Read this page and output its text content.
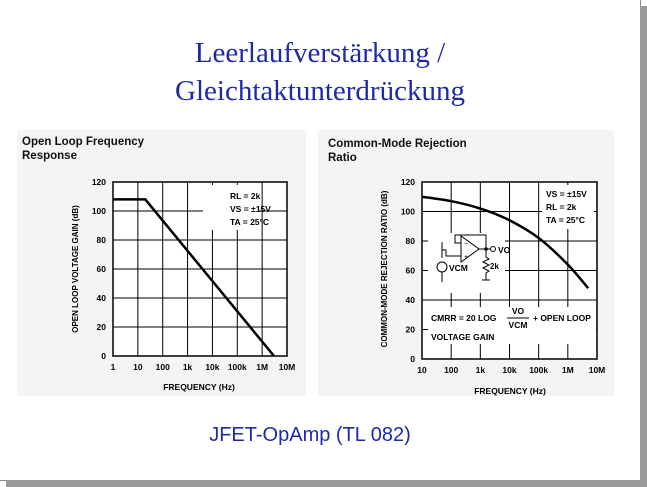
Leerlaufverstärkung /
Gleichtaktunterdrückung
Open Loop Frequency
Response
1 10 100 1k 10k 100k 1M 10M
0
20
40
60
80
100
120
RL = 2k
VS = ±15V
TA = 25°C
FREQUENCY (Hz)
OPEN LOOP VOLTAGE GAIN (dB)
Common-Mode Rejection
Ratio
10 100 1k 10k 100k 1M 10M
0
20
40
60
80
100
120
VS = ±15V
RL = 2k
TA = 25°C
−
+
VO
2k
VCM
CMRR = 20 LOG
VO
VCM
+ OPEN LOOP
VOLTAGE GAIN
FREQUENCY (Hz)
COMMON-MODE REJECTION RATIO (dB)
JFET-OpAmp (TL 082)
